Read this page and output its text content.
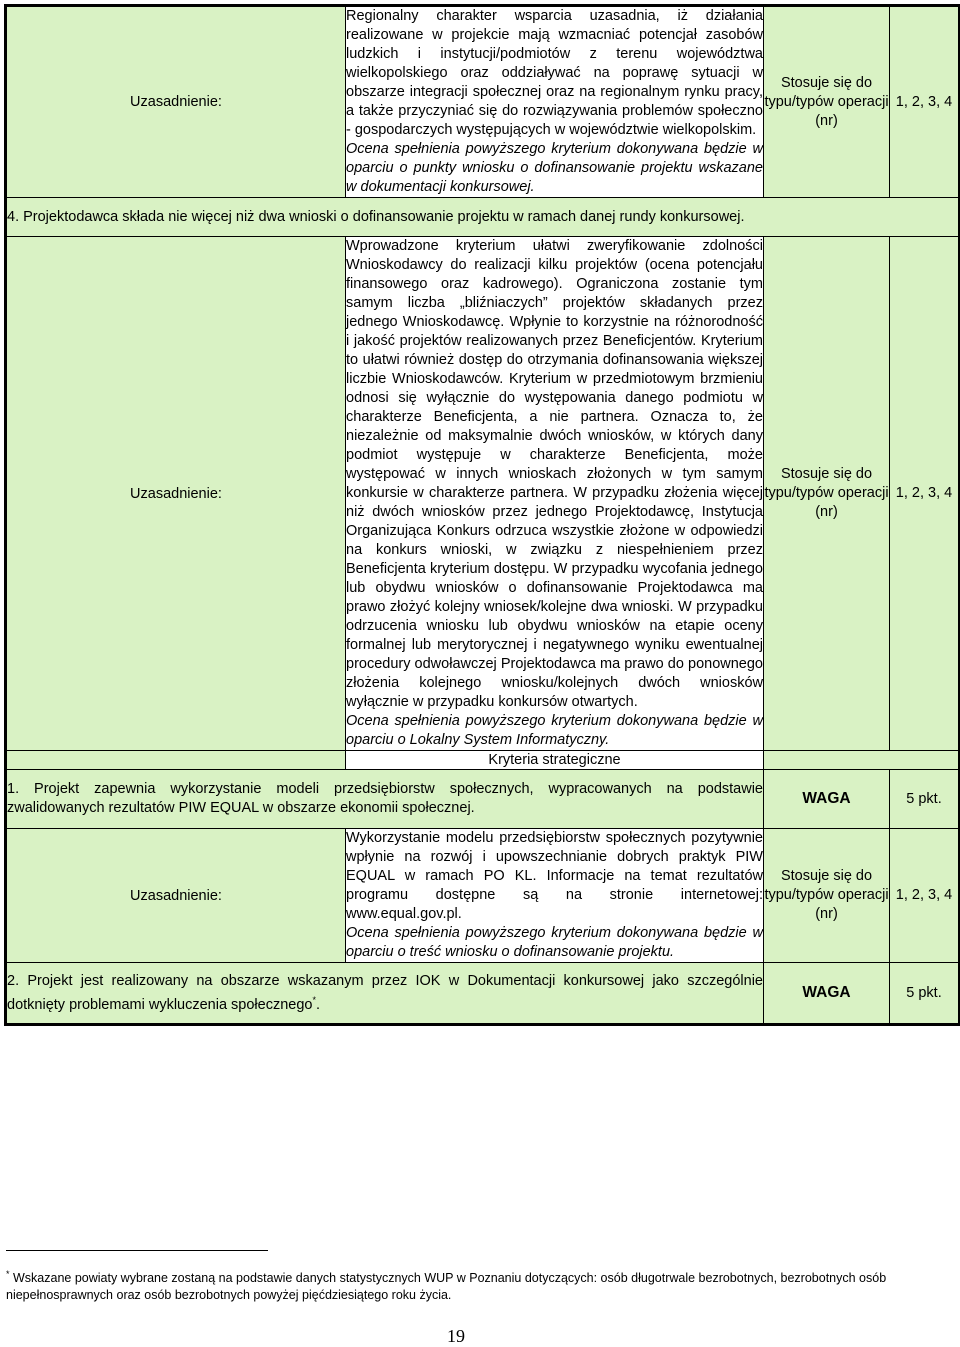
Uzasadnienie:	Regionalny charakter wsparcia uzasadnia, iż działania realizowane w projekcie mają wzmacniać potencjał zasobów ludzkich i instytucji/podmiotów z terenu województwa wielkopolskiego oraz oddziaływać na poprawę sytuacji w obszarze integracji społecznej oraz na regionalnym rynku pracy, a także przyczyniać się do rozwiązywania problemów społeczno - gospodarczych występujących w województwie wielkopolskim.

Ocena spełnienia powyższego kryterium dokonywana będzie w oparciu o punkty wniosku o dofinansowanie projektu wskazane w dokumentacji konkursowej.	Stosuje się do typu/typów operacji (nr)	1, 2, 3, 4
4. Projektodawca składa nie więcej niż dwa wnioski o dofinansowanie projektu w ramach danej rundy konkursowej.			
Uzasadnienie:	Wprowadzone kryterium ułatwi zweryfikowanie zdolności Wnioskodawcy do realizacji kilku projektów (ocena potencjału finansowego oraz kadrowego). Ograniczona zostanie tym samym liczba „bliźniaczych” projektów składanych przez jednego Wnioskodawcę. Wpłynie to korzystnie na różnorodność i jakość projektów realizowanych przez Beneficjentów. Kryterium to ułatwi również dostęp do otrzymania dofinansowania większej liczbie Wnioskodawców. Kryterium w przedmiotowym brzmieniu odnosi się wyłącznie do występowania danego podmiotu w charakterze Beneficjenta, a nie partnera. Oznacza to, że niezależnie od maksymalnie dwóch wniosków, w których dany podmiot występuje w charakterze Beneficjenta, może występować w innych wnioskach złożonych w tym samym konkursie w charakterze partnera. W przypadku złożenia więcej niż dwóch wniosków przez jednego Projektodawcę, Instytucja Organizująca Konkurs odrzuca wszystkie złożone w odpowiedzi na konkurs wnioski, w związku z niespełnieniem przez Beneficjenta kryterium dostępu. W przypadku wycofania jednego lub obydwu wniosków o dofinansowanie Projektodawca ma prawo złożyć kolejny wniosek/kolejne dwa wnioski. W przypadku odrzucenia wniosku lub obydwu wniosków na etapie oceny formalnej lub merytorycznej i negatywnego wyniku ewentualnej procedury odwoławczej Projektodawca ma prawo do ponownego złożenia kolejnego wniosku/kolejnych dwóch wniosków wyłącznie w przypadku konkursów otwartych.

Ocena spełnienia powyższego kryterium dokonywana będzie w oparciu o Lokalny System Informatyczny.	Stosuje się do typu/typów operacji (nr)	1, 2, 3, 4
	Kryteria strategiczne		
1. Projekt zapewnia wykorzystanie modeli przedsiębiorstw społecznych, wypracowanych na podstawie zwalidowanych rezultatów PIW EQUAL w obszarze ekonomii społecznej.		WAGA	5 pkt.
Uzasadnienie:	Wykorzystanie modelu przedsiębiorstw społecznych pozytywnie wpłynie na rozwój i upowszechnianie dobrych praktyk PIW EQUAL w ramach PO KL. Informacje na temat rezultatów programu dostępne są na stronie internetowej: www.equal.gov.pl.

Ocena spełnienia powyższego kryterium dokonywana będzie w oparciu o treść wniosku o dofinansowanie projektu.	Stosuje się do typu/typów operacji (nr)	1, 2, 3, 4
2. Projekt jest realizowany na obszarze wskazanym przez IOK w Dokumentacji konkursowej jako szczególnie dotknięty problemami wykluczenia społecznego*.		WAGA	5 pkt.
* Wskazane powiaty wybrane zostaną na podstawie danych statystycznych WUP w Poznaniu dotyczących: osób długotrwale bezrobotnych, bezrobotnych osób niepełnosprawnych oraz osób bezrobotnych powyżej pięćdziesiątego roku życia.
19
